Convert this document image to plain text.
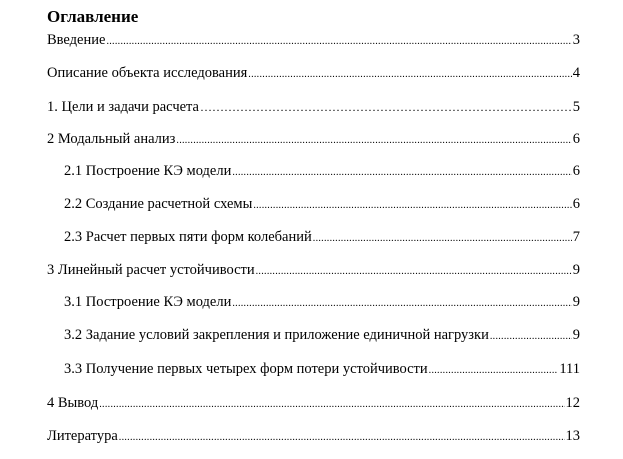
Оглавление
Введение .....	3
Описание объекта исследования .....	4
1. Цели и задачи расчета …………………………………………………………………………………………………………………………………………………………………………	5
2 Модальный анализ .....	6
2.1 Построение КЭ модели .....	6
2.2 Создание расчетной схемы .....	6
2.3 Расчет первых пяти форм колебаний .....	7
3 Линейный расчет устойчивости .....	9
3.1 Построение КЭ модели .....	9
3.2 Задание условий закрепления и приложение единичной нагрузки .....	9
3.3 Получение первых четырех форм потери устойчивости .....	111
4 Вывод .....	12
Литература .....	13
